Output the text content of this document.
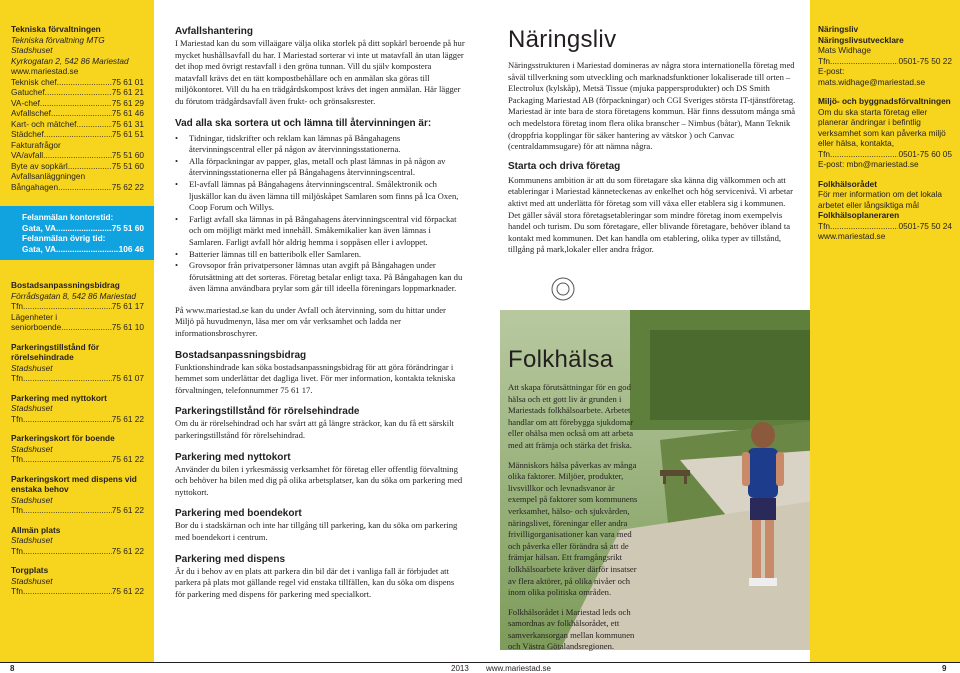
Tekniska förvaltningen
Tekniska förvaltning MTG
Stadshuset
Kyrkogatan 2, 542 86 Mariestad
www.mariestad.se
Teknisk chef .....	75 61 01
Gatuchef .....	75 61 21
VA-chef .....	75 61 29
Avfallschef .....	75 61 46
Kart- och mätchef .....	75 61 31
Städchef .....	75 61 51
Fakturafrågor
VA/avfall .....	75 51 60
Byte av sopkärl .....	75 51 60
Avfallsanläggningen
Bångahagen .....	75 62 22
Felanmälan kontorstid:
Gata, VA .....	75 51 60
Felanmälan övrig tid:
Gata, VA .....	106 46
Bostadsanpassningsbidrag
Förrådsgatan 8, 542 86 Mariestad
Tfn .....	75 61 17
Lägenheter i
seniorboende .....	75 61 10
Parkeringstillstånd för rörelsehindrade
Stadshuset
Tfn .....	75 61 07
Parkering med nyttokort
Stadshuset
Tfn .....	75 61 22
Parkeringskort för boende
Stadshuset
Tfn .....	75 61 22
Parkeringskort med dispens vid enstaka behov
Stadshuset
Tfn .....	75 61 22
Allmän plats
Stadshuset
Tfn .....	75 61 22
Torgplats
Stadshuset
Tfn .....	75 61 22
Avfallshantering

I Mariestad kan du som villaägare välja olika storlek på ditt sopkärl beroende på hur mycket hushållsavfall du har. I Mariestad sorterar vi inte ut matavfall än utan lägger det ihop med övrigt restavfall i den gröna tunnan. Vill du själv kompostera matavfall krävs det en tätt kompostbehållare och en anmälan ska göras till miljökontoret. Vill du ha en trädgårdskompost krävs det ingen anmälan. Här lägger du förutom trädgårdsavfall även frukt- och grönsaksrester.

Vad alla ska sortera ut och lämna till återvinningen är:
• Tidningar, tidskrifter och reklam kan lämnas på Bångahagens återvinningscentral eller på någon av återvinningsstationerna.
• Alla förpackningar av papper, glas, metall och plast lämnas in på någon av återvinningsstationerna eller på Bångahagens återvinningscentral.
• El-avfall lämnas på Bångahagens återvinningscentral. Smålektronik och ljuskällor kan du även lämna till miljöskåpet Samlaren som finns på Ica Oxen, Coop Forum och Willys.
• Farligt avfall ska lämnas in på Bångahagens återvinningscentral vid förpackat och om möjligt märkt med innehåll. Småkemikalier kan även lämnas i Samlaren. Farligt avfall hör aldrig hemma i soppåsen eller i avloppet.
• Batterier lämnas till en batteribolk eller Samlaren.
• Grovsopor från privatpersoner lämnas utan avgift på Bångahagen under förutsättning att det sorteras. Företag betalar enligt taxa. På Bångahagen kan du även lämna användbara prylar som går till ideella föreningars loppmarknader.

På www.mariestad.se kan du under Avfall och återvinning, som du hittar under Miljö på huvudmenyn, läsa mer om vår verksamhet och ladda ner informationsbroschyrer.

Bostadsanpassningsbidrag

Funktionshindrade kan söka bostadsanpassningsbidrag för att göra förändringar i hemmet som underlättar det dagliga livet. För mer information, kontakta tekniska förvaltningen, telefonnummer 75 61 17.

Parkeringstillstånd för rörelsehindrade

Om du är rörelsehindrad och har svårt att gå längre sträckor, kan du få ett särskilt parkeringstillstånd för rörelsehindrad.

Parkering med nyttokort

Använder du bilen i yrkesmässig verksamhet för företag eller offentlig förvaltning och behöver ha bilen med dig på olika arbetsplatser, kan du söka om parkering med nyttokort.

Parkering med boendekort

Bor du i stadskärnan och inte har tillgång till parkering, kan du söka om parkering med boendekort i centrum.

Parkering med dispens

Är du i behov av en plats att parkera din bil där det i vanliga fall är förbjudet att parkera på plats mot gällande regel vid enstaka tillfällen, kan du söka om dispens för parkering med dispens för parkering med specialkort.

Näringsliv

Näringsstrukturen i Mariestad domineras av några stora internationella företag med såväl tillverkning som utveckling och marknadsfunktioner lokaliserade till orten – Electrolux (kylskåp), Metsä Tissue (mjuka pappersprodukter) och DS Smith Packaging Mariestad AB (förpackningar) och CGI Sveriges största IT-tjänstföretag. Mariestad är inte bara de stora företagens kommun. Här finns dessutom många små och medelstora företag inom flera olika branscher – Nimbus (båtar), Mann Teknik (droppfria kopplingar för säker hantering av vätskor ) och Canvac (centraldammsugare) för att nämna några.

Starta och driva företag

Kommunens ambition är att du som företagare ska känna dig välkommen och att etableringar i Mariestad känneteckenas av enkelhet och hög servicenivå. Vi arbetar aktivt med att underlätta för företag som vill växa eller etablera sig i kommunen. Det gäller såväl stora företagsetableringar som mindre företag inom exempelvis handel och turism. Du som företagare, eller blivande företagare, behöver ibland ta kontakt med kommunen. Det kan handla om etablering, olika typer av tillstånd, tillgång på mark,lokaler eller andra frågor.

Folkhälsa

Att skapa förutsättningar för en god hälsa och ett gott liv är grunden i Mariestads folkhälsoarbete. Arbetet handlar om att förebygga sjukdomar eller ohälsa men också om att arbeta med att främja och stärka det friska.

Människors hälsa påverkas av många olika faktorer. Miljöer, produkter, livsvillkor och levnadsvanor är exempel på faktorer som kommunens verksamhet, hälso- och sjukvården, näringslivet, föreningar eller andra frivilligorganisationer kan vara med och påverka eller förändra så att de främjar hälsan. Ett framgångsrikt folkhälsoarbete kräver därför insatser av flera aktörer, på olika nivåer och inom olika politiska områden.

Folkhälsorådet i Mariestad leds och samordnas av folkhälsorådet, ett samverkansorgan mellan kommunen och Västra Götalandsregionen.

Näringsliv
Näringslivsutvecklare
Mats Widhage
Tfn .....	0501-75 50 22
E-post: mats.widhage@mariestad.se
Miljö- och byggnadsförvaltningen
Om du ska starta företag eller planerar ändringar i befintlig verksamhet som kan påverka miljö eller hälsa, kontakta,
Tfn .....	0501-75 60 05
E-post: mbn@mariestad.se
Folkhälsorådet
För mer information om det lokala arbetet eller långsiktiga mål
Folkhälsoplaneraren
Tfn .....	0501-75 50 24
www.mariestad.se
8	2013 www.mariestad.se	9
